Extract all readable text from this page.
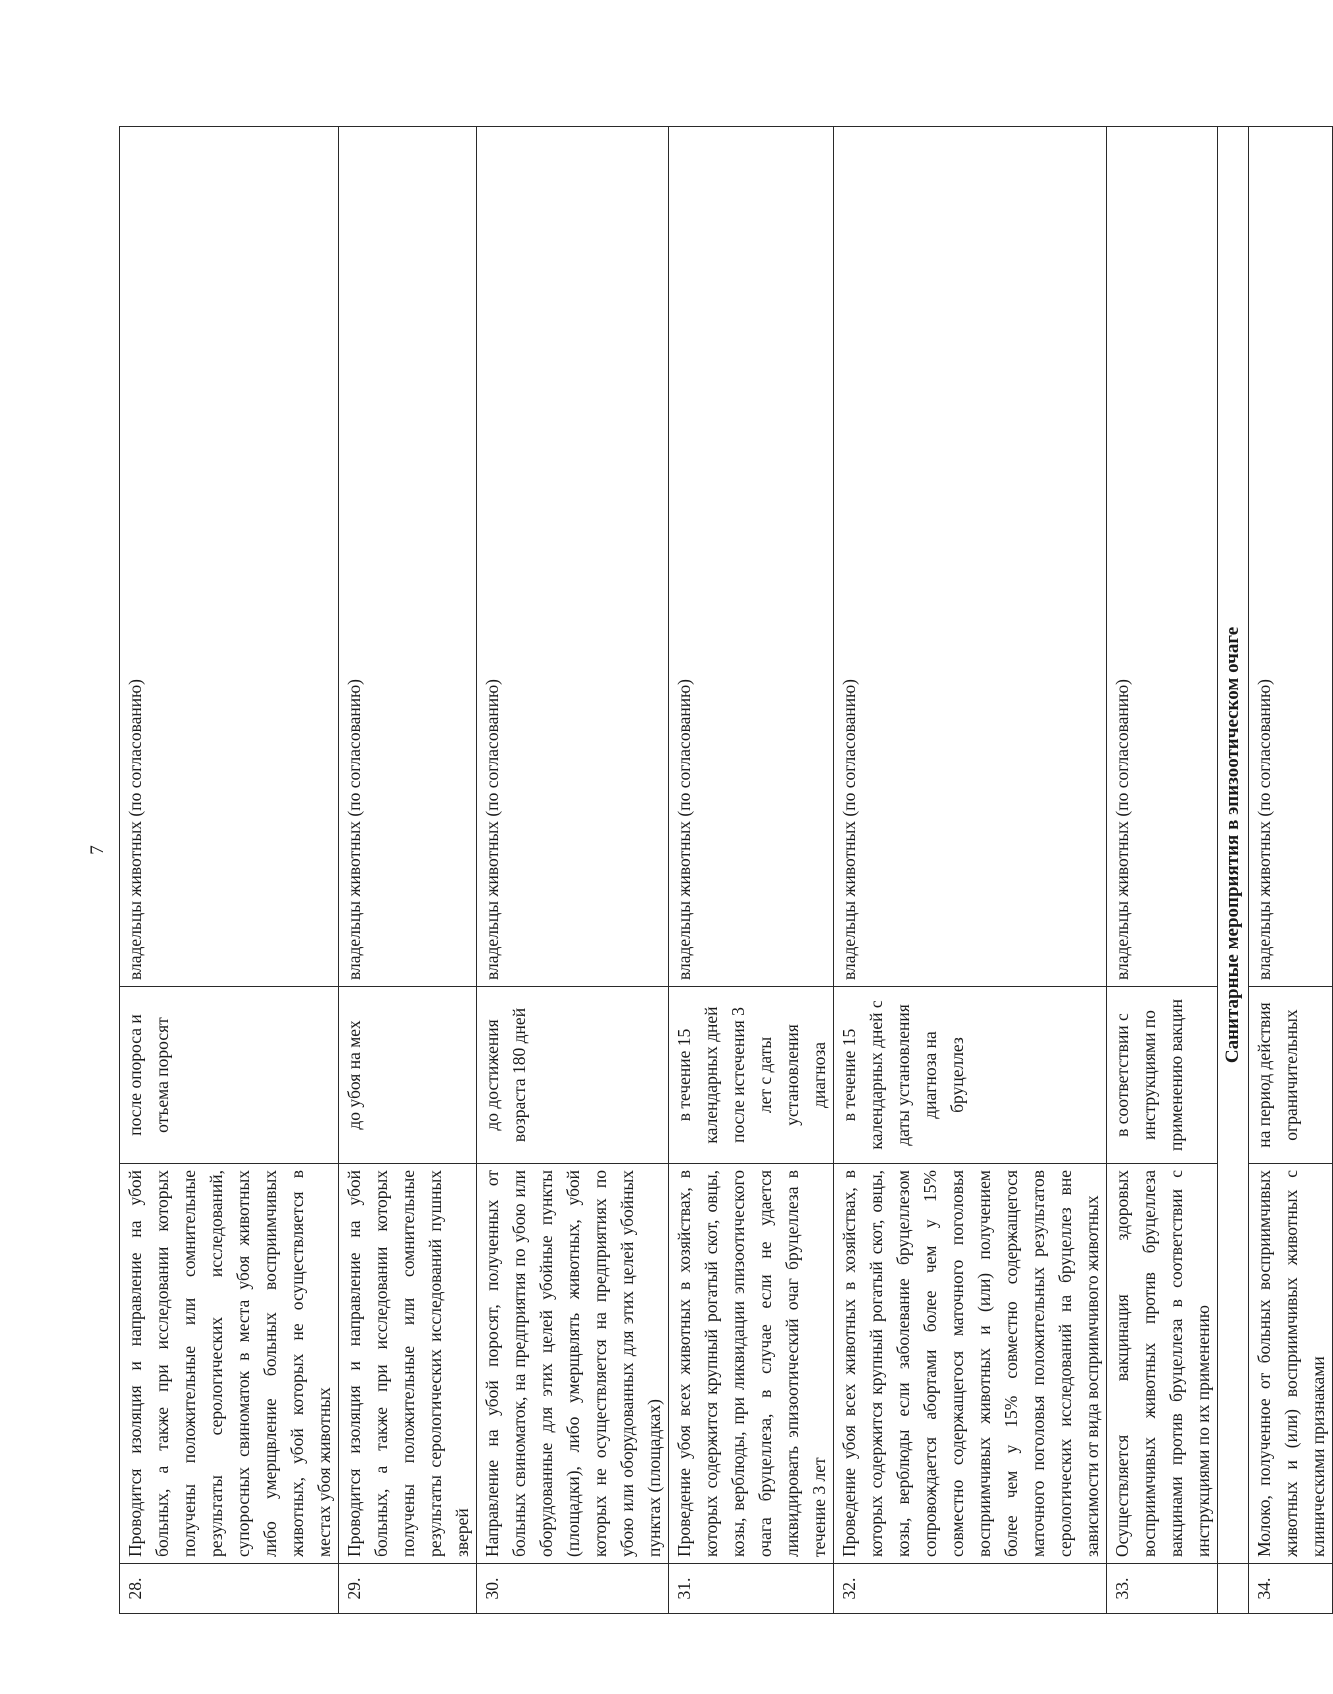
7
28.	Проводится изоляция и направление на убой больных, а также при исследовании которых получены положительные или сомнительные результаты серологических исследований, супоросных свиноматок в места убоя животных либо умерщвление больных восприимчивых животных, убой которых не осуществляется в местах убоя животных	после опороса и отъема поросят	владельцы животных (по согласованию)
29.	Проводится изоляция и направление на убой больных, а также при исследовании которых получены положительные или сомнительные результаты серологических исследований пушных зверей	до убоя на мех	владельцы животных (по согласованию)
30.	Направление на убой поросят, полученных от больных свиноматок, на предприятия по убою или оборудованные для этих целей убойные пункты (площадки), либо умерщвлять животных, убой которых не осуществляется на предприятиях по убою или оборудованных для этих целей убойных пунктах (площадках)	до достижения возраста 180 дней	владельцы животных (по согласованию)
31.	Проведение убоя всех животных в хозяйствах, в которых содержится крупный рогатый скот, овцы, козы, верблюды, при ликвидации эпизоотического очага бруцеллеза, в случае если не удается ликвидировать эпизоотический очаг бруцеллеза в течение 3 лет	в течение 15 календарных дней после истечения 3 лет с даты установления диагноза	владельцы животных (по согласованию)
32.	Проведение убоя всех животных в хозяйствах, в которых содержится крупный рогатый скот, овцы, козы, верблюды если заболевание бруцеллезом сопровождается абортами более чем у 15% совместно содержащегося маточного поголовья восприимчивых животных и (или) получением более чем у 15% совместно содержащегося маточного поголовья положительных результатов серологических исследований на бруцеллез вне зависимости от вида восприимчивого животных	в течение 15 календарных дней с даты установления диагноза на бруцеллез	владельцы животных (по согласованию)
33.	Осуществляется вакцинация здоровых восприимчивых животных против бруцеллеза вакцинами против бруцеллеза в соответствии с инструкциями по их применению	в соответствии с инструкциями по применению вакцин	владельцы животных (по согласованию)
	Санитарные мероприятия в эпизоотическом очаге		
34.	Молоко, полученное от больных восприимчивых животных и (или) восприимчивых животных с клиническими признаками	на период действия ограничительных	владельцы животных (по согласованию)
